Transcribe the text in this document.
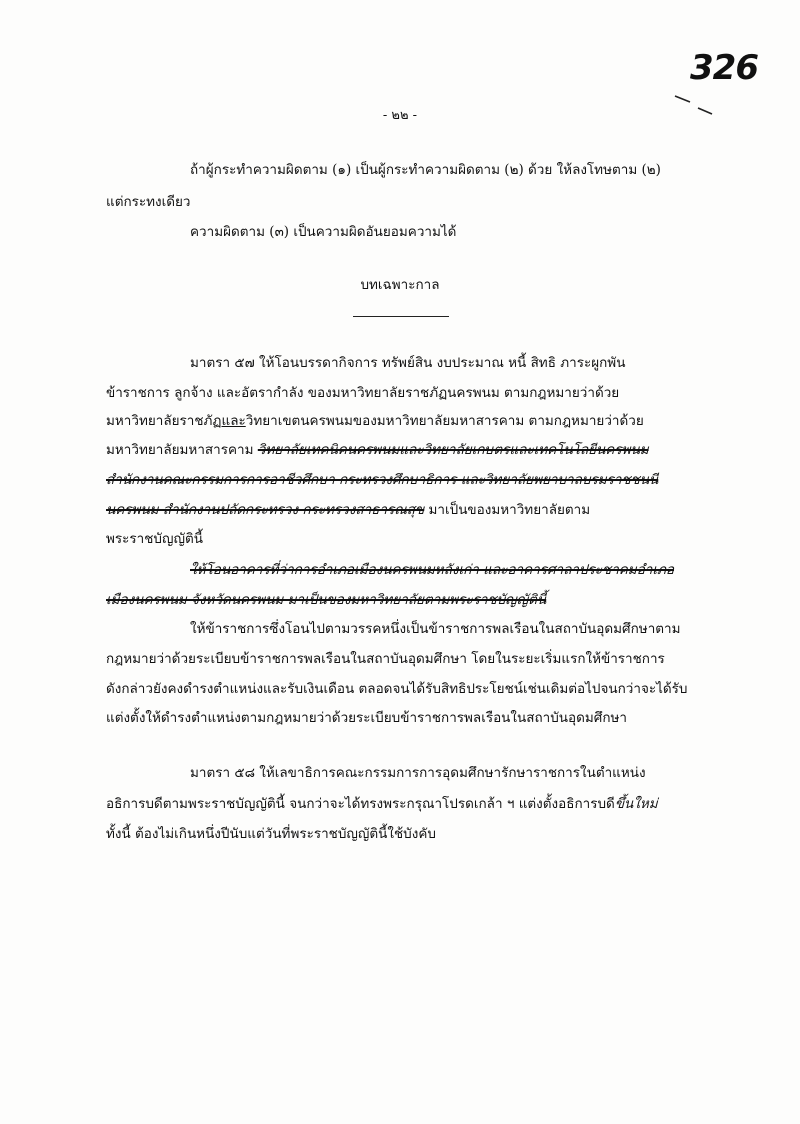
326
- ๒๒ -
ถ้าผู้กระทำความผิดตาม (๑) เป็นผู้กระทำความผิดตาม (๒) ด้วย ให้ลงโทษตาม (๒)
แต่กระทงเดียว
ความผิดตาม (๓) เป็นความผิดอันยอมความได้
บทเฉพาะกาล
มาตรา ๕๗ ให้โอนบรรดากิจการ ทรัพย์สิน งบประมาณ หนี้ สิทธิ ภาระผูกพัน
ข้าราชการ ลูกจ้าง และอัตรากำลัง ของมหาวิทยาลัยราชภัฏนครพนม ตามกฎหมายว่าด้วย
มหาวิทยาลัยราชภัฏและวิทยาเขตนครพนมของมหาวิทยาลัยมหาสารคาม ตามกฎหมายว่าด้วย
มหาวิทยาลัยมหาสารคาม วิทยาลัยเทคนิคนครพนมและวิทยาลัยเกษตรและเทคโนโลยีนครพนม
สำนักงานคณะกรรมการการอาชีวศึกษา กระทรวงศึกษาธิการ และวิทยาลัยพยาบาลบรมราชชนนี
นครพนม สำนักงานปลัดกระทรวง กระทรวงสาธารณสุข มาเป็นของมหาวิทยาลัยตาม
พระราชบัญญัตินี้
ให้โอนอาคารที่ว่าการอำเภอเมืองนครพนมหลังเก่า และอาคารศาลาประชาคมอำเภอ
เมืองนครพนม จังหวัดนครพนม มาเป็นของมหาวิทยาลัยตามพระราชบัญญัตินี้
ให้ข้าราชการซึ่งโอนไปตามวรรคหนึ่งเป็นข้าราชการพลเรือนในสถาบันอุดมศึกษาตาม
กฎหมายว่าด้วยระเบียบข้าราชการพลเรือนในสถาบันอุดมศึกษา โดยในระยะเริ่มแรกให้ข้าราชการ
ดังกล่าวยังคงดำรงตำแหน่งและรับเงินเดือน ตลอดจนได้รับสิทธิประโยชน์เช่นเดิมต่อไปจนกว่าจะได้รับ
แต่งตั้งให้ดำรงตำแหน่งตามกฎหมายว่าด้วยระเบียบข้าราชการพลเรือนในสถาบันอุดมศึกษา
มาตรา ๕๘ ให้เลขาธิการคณะกรรมการการอุดมศึกษารักษาราชการในตำแหน่ง
อธิการบดีตามพระราชบัญญัตินี้ จนกว่าจะได้ทรงพระกรุณาโปรดเกล้า ฯ แต่งตั้งอธิการบดีขึ้นใหม่
ทั้งนี้ ต้องไม่เกินหนึ่งปีนับแต่วันที่พระราชบัญญัตินี้ใช้บังคับ
